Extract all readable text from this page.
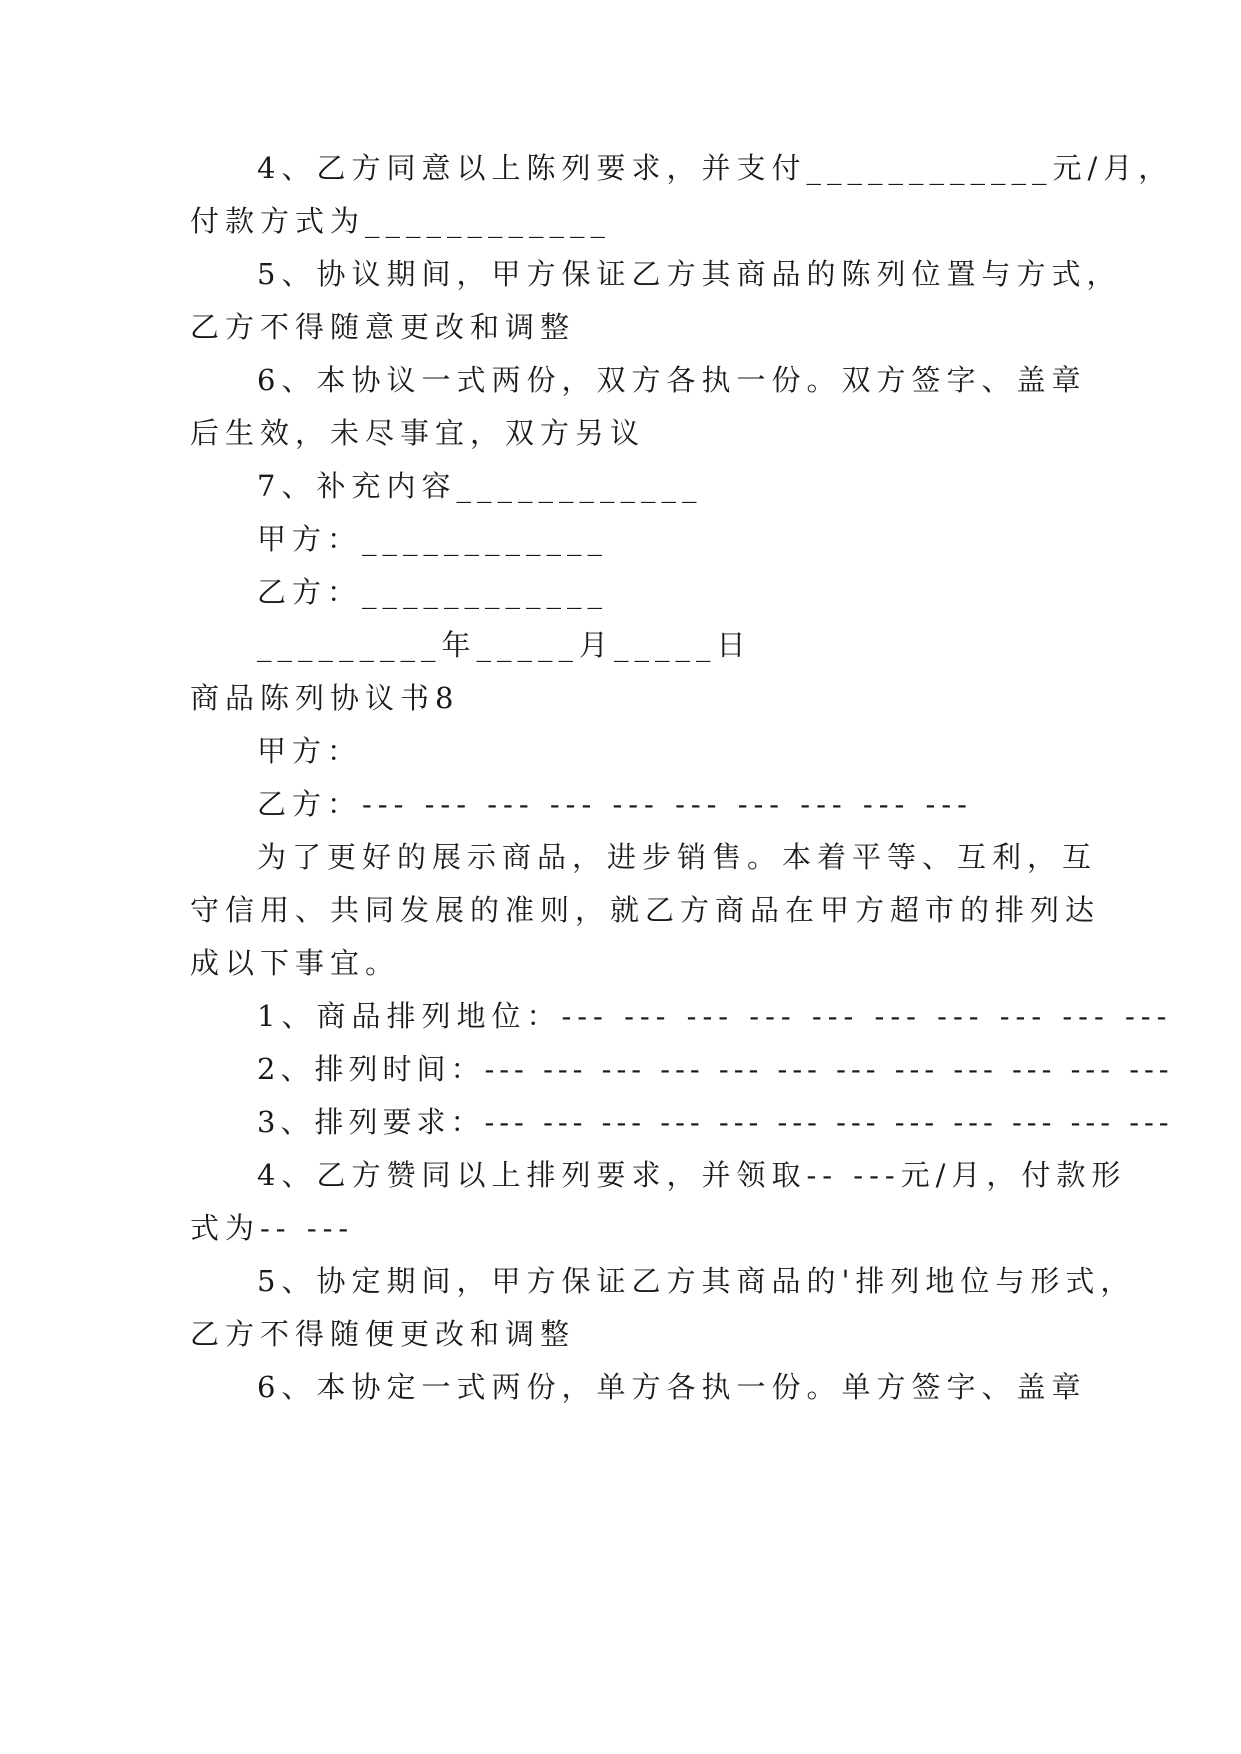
4、乙方同意以上陈列要求，并支付____________元/月，
付款方式为____________
5、协议期间，甲方保证乙方其商品的陈列位置与方式，
乙方不得随意更改和调整
6、本协议一式两份，双方各执一份。双方签字、盖章
后生效，未尽事宜，双方另议
7、补充内容____________
甲方：____________
乙方：____________
_________年_____月_____日
商品陈列协议书8
甲方：
乙方：--- --- --- --- --- --- --- --- --- ---
为了更好的展示商品，进步销售。本着平等、互利，互
守信用、共同发展的准则，就乙方商品在甲方超市的排列达
成以下事宜。
1、商品排列地位：--- --- --- --- --- --- --- --- --- ---
2、排列时间：--- --- --- --- --- --- --- --- --- --- --- ---
3、排列要求：--- --- --- --- --- --- --- --- --- --- --- ---
4、乙方赞同以上排列要求，并领取-- ---元/月，付款形
式为-- ---
5、协定期间，甲方保证乙方其商品的'排列地位与形式，
乙方不得随便更改和调整
6、本协定一式两份，单方各执一份。单方签字、盖章
